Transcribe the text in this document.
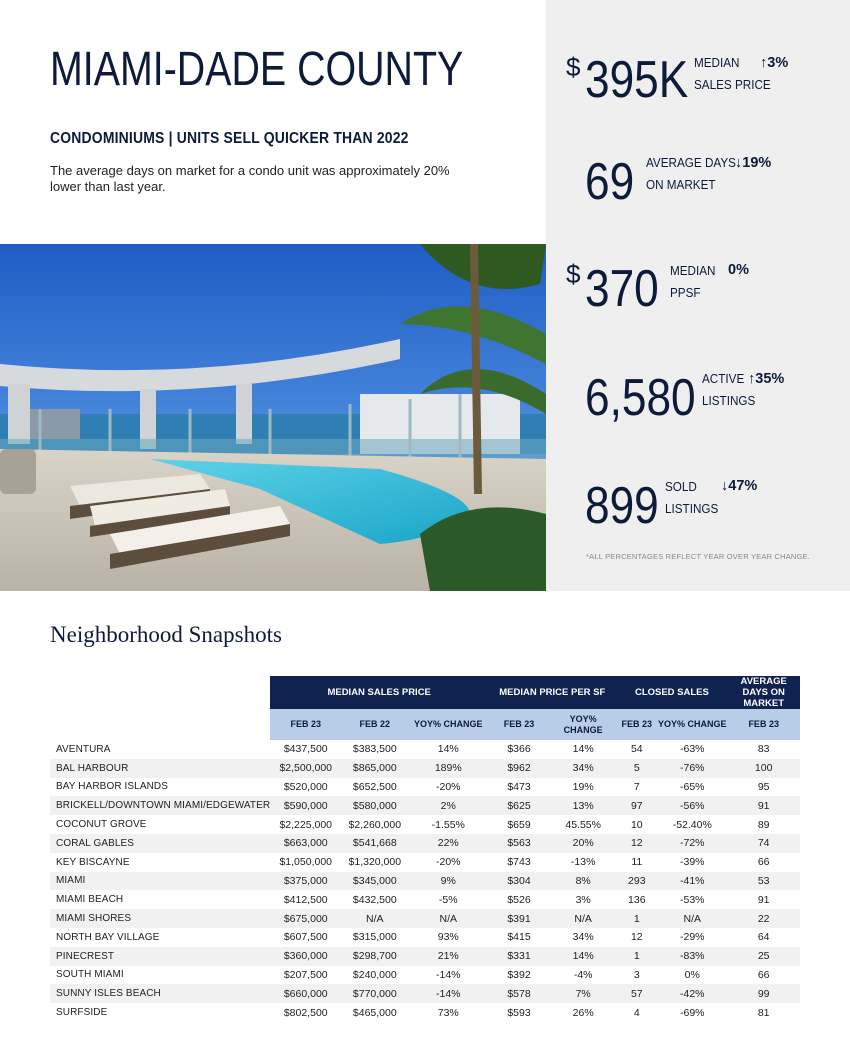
MIAMI-DADE COUNTY
CONDOMINIUMS | UNITS SELL QUICKER THAN 2022
The average days on market for a condo unit was approximately 20% lower than last year.
$ 395K MEDIAN
SALES PRICE
↑3%
69 AVERAGE DAYS
ON MARKET
↓19%
$ 370 MEDIAN
PPSF
0%
6,580 ACTIVE
LISTINGS
↑35%
899 SOLD
LISTINGS
↓47%
*ALL PERCENTAGES REFLECT YEAR OVER YEAR CHANGE.
Neighborhood Snapshots
	MEDIAN SALES PRICE			MEDIAN PRICE PER SF		CLOSED SALES		AVERAGE DAYS ON MARKET
	FEB 23	FEB 22	YOY% CHANGE	FEB 23	YOY% CHANGE	FEB 23	YOY% CHANGE	FEB 23
AVENTURA	$437,500	$383,500	14%	$366	14%	54	-63%	83
BAL HARBOUR	$2,500,000	$865,000	189%	$962	34%	5	-76%	100
BAY HARBOR ISLANDS	$520,000	$652,500	-20%	$473	19%	7	-65%	95
BRICKELL/DOWNTOWN MIAMI/EDGEWATER	$590,000	$580,000	2%	$625	13%	97	-56%	91
COCONUT GROVE	$2,225,000	$2,260,000	-1.55%	$659	45.55%	10	-52.40%	89
CORAL GABLES	$663,000	$541,668	22%	$563	20%	12	-72%	74
KEY BISCAYNE	$1,050,000	$1,320,000	-20%	$743	-13%	11	-39%	66
MIAMI	$375,000	$345,000	9%	$304	8%	293	-41%	53
MIAMI BEACH	$412,500	$432,500	-5%	$526	3%	136	-53%	91
MIAMI SHORES	$675,000	N/A	N/A	$391	N/A	1	N/A	22
NORTH BAY VILLAGE	$607,500	$315,000	93%	$415	34%	12	-29%	64
PINECREST	$360,000	$298,700	21%	$331	14%	1	-83%	25
SOUTH MIAMI	$207,500	$240,000	-14%	$392	-4%	3	0%	66
SUNNY ISLES BEACH	$660,000	$770,000	-14%	$578	7%	57	-42%	99
SURFSIDE	$802,500	$465,000	73%	$593	26%	4	-69%	81
